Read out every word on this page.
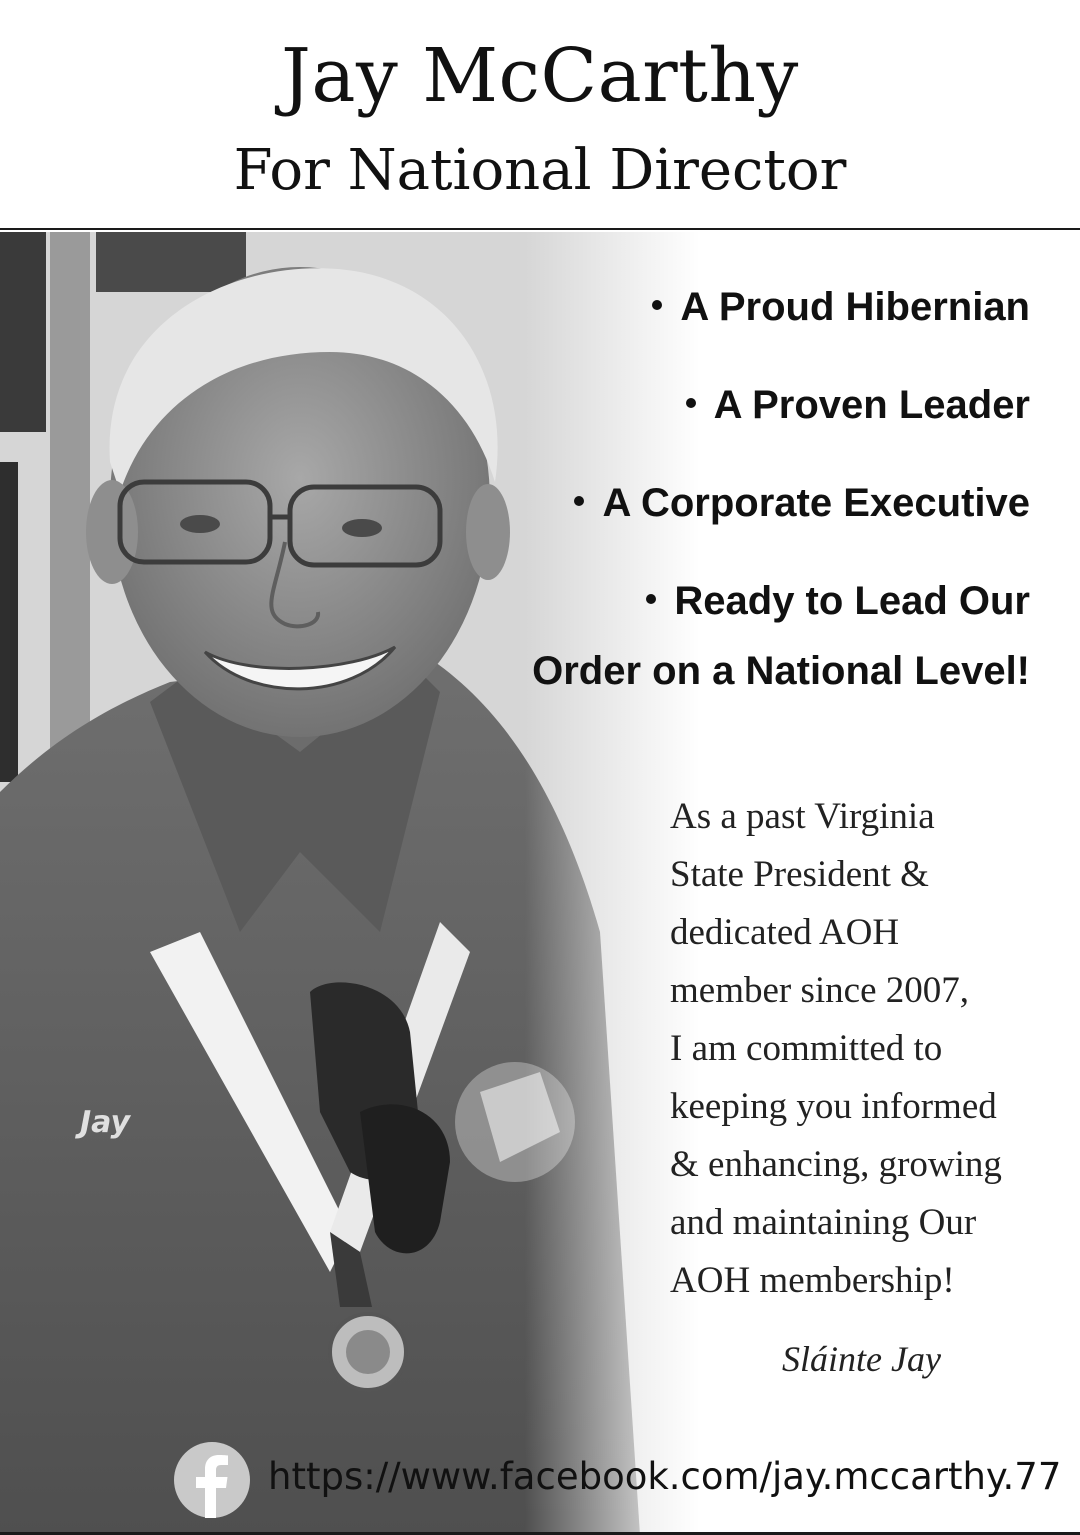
Jay McCarthy
For National Director
A Proud Hibernian
A Proven Leader
A Corporate Executive
Ready to Lead Our
Order on a National Level!
As a past Virginia
State President &
dedicated AOH
member since 2007,
I am committed to
keeping you informed
& enhancing, growing
and maintaining Our
AOH membership!
Sláinte Jay
https://www.facebook.com/jay.mccarthy.77
